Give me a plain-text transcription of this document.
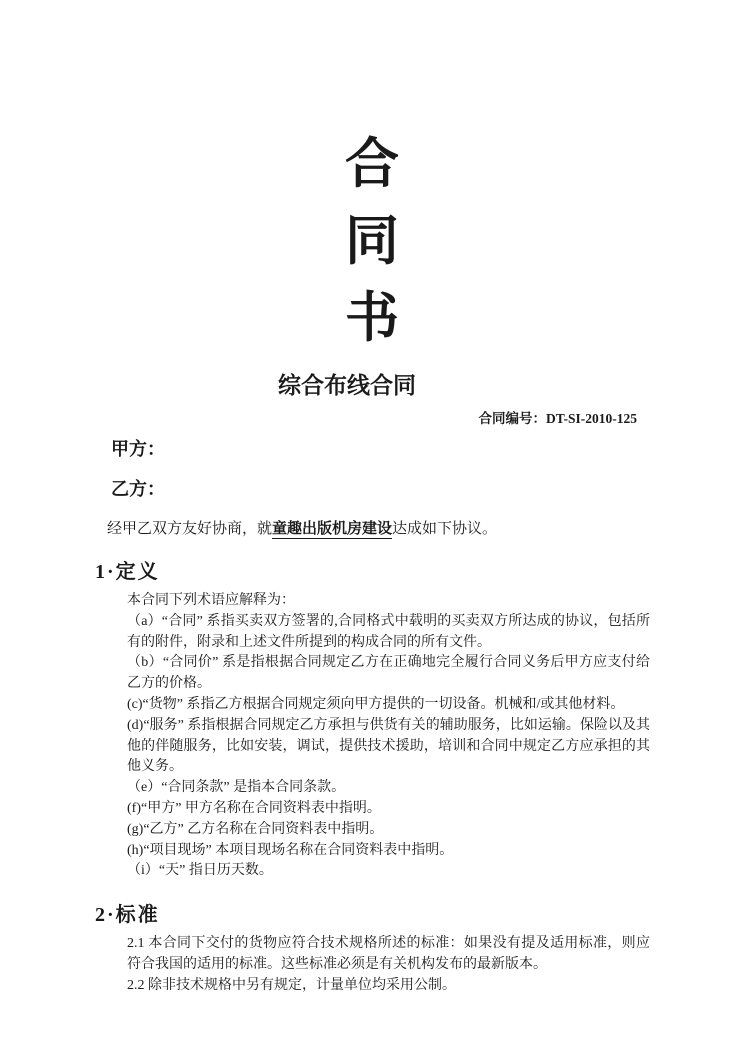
合
同
书
综合布线合同
合同编号：DT-SI-2010-125
甲方：
乙方：

经甲乙双方友好协商，就童趣出版机房建设达成如下协议。

1·定义

本合同下列术语应解释为：

（a）“合同” 系指买卖双方签署的,合同格式中载明的买卖双方所达成的协议，包括所有的附件，附录和上述文件所提到的构成合同的所有文件。

（b）“合同价” 系是指根据合同规定乙方在正确地完全履行合同义务后甲方应支付给乙方的价格。

(c)“货物” 系指乙方根据合同规定须向甲方提供的一切设备。机械和/或其他材料。

(d)“服务” 系指根据合同规定乙方承担与供货有关的辅助服务，比如运输。保险以及其他的伴随服务，比如安装，调试，提供技术援助，培训和合同中规定乙方应承担的其他义务。

（e）“合同条款” 是指本合同条款。

(f)“甲方” 甲方名称在合同资料表中指明。

(g)“乙方” 乙方名称在合同资料表中指明。

(h)“项目现场” 本项目现场名称在合同资料表中指明。

（i）“天” 指日历天数。

2·标准

2.1 本合同下交付的货物应符合技术规格所述的标准：如果没有提及适用标准，则应符合我国的适用的标准。这些标准必须是有关机构发布的最新版本。

2.2 除非技术规格中另有规定，计量单位均采用公制。
